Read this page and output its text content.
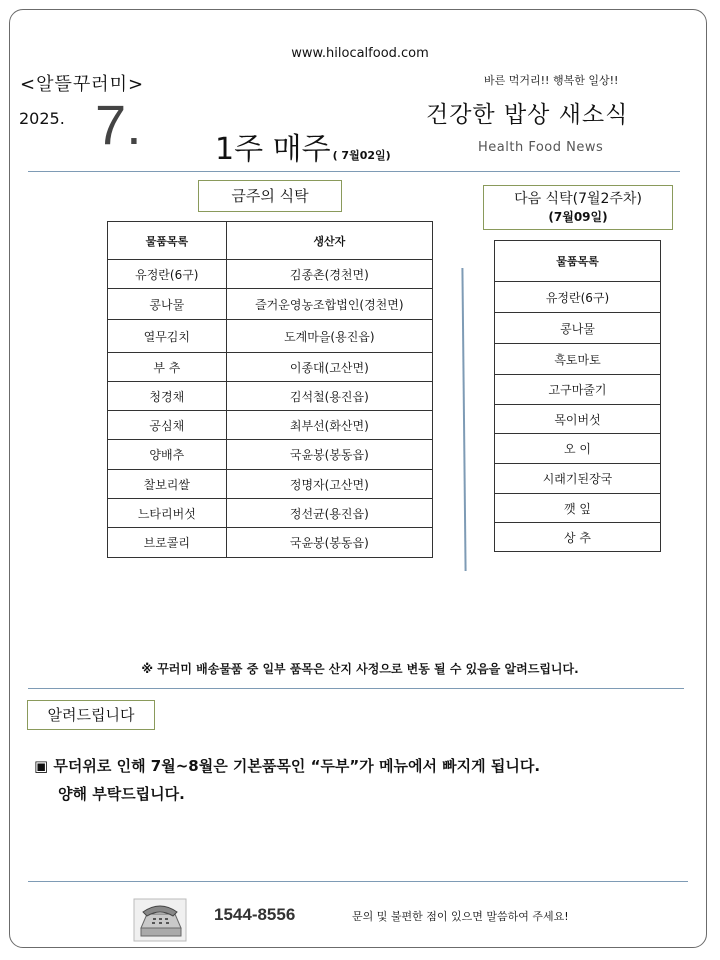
www.hilocalfood.com
<알뜰꾸러미>	바른 먹거리!! 행복한 일상!!
2025. 7. 1주 매주 ( 7월02일)
건강한 밥상 새소식
Health Food News
금주의 식탁
물품목록	생산자
유정란(6구)	김종촌(경천면)
콩나물	즐거운영농조합법인(경천면)
열무김치	도계마을(용진읍)
부 추	이종대(고산면)
청경채	김석철(용진읍)
공심채	최부선(화산면)
양배추	국윤봉(봉동읍)
찰보리쌀	정명자(고산면)
느타리버섯	정선균(용진읍)
브로콜리	국윤봉(봉동읍)
다음 식탁(7월2주차)
(7월09일)
물품목록
유정란(6구)
콩나물
흑토마토
고구마줄기
목이버섯
오 이
시래기된장국
깻 잎
상 추
※ 꾸러미 배송물품 중 일부 품목은 산지 사정으로 변동 될 수 있음을 알려드립니다.
알려드립니다
▣ 무더위로 인해 7월~8월은 기본품목인 “두부”가 메뉴에서 빠지게 됩니다.
양해 부탁드립니다.
1544-8556	문의 및 불편한 점이 있으면 말씀하여 주세요!
